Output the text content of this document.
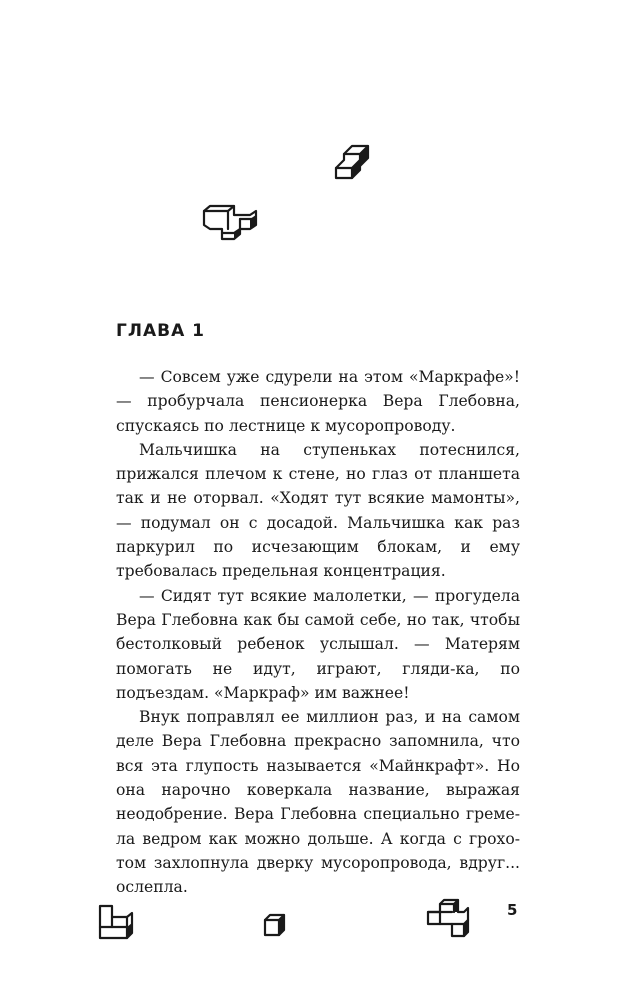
ГЛАВА 1

— Совсем уже сдурели на этом «Маркрафе»! — пробурчала пенсионерка Вера Глебовна, спускаясь по лестнице к мусоропроводу.

Мальчишка на ступеньках потеснился, прижался плечом к стене, но глаз от планшета так и не оторвал. «Ходят тут всякие мамонты», — подумал он с досадой. Мальчишка как раз паркурил по исчезающим блокам, и ему требовалась предельная концентрация.

— Сидят тут всякие малолетки, — прогудела Вера Глебовна как бы самой себе, но так, чтобы бестолковый ребенок услышал. — Матерям помогать не идут, играют, гляди-ка, по подъездам. «Маркраф» им важнее!

Внук поправлял ее миллион раз, и на самом деле Вера Глебовна прекрасно запомнила, что вся эта глупость называется «Майнкрафт». Но она нарочно коверкала название, выражая неодобрение. Вера Глебовна специально гремела ведром как можно дольше. А когда с грохотом захлопнула дверку мусоропровода, вдруг... ослепла.

5
